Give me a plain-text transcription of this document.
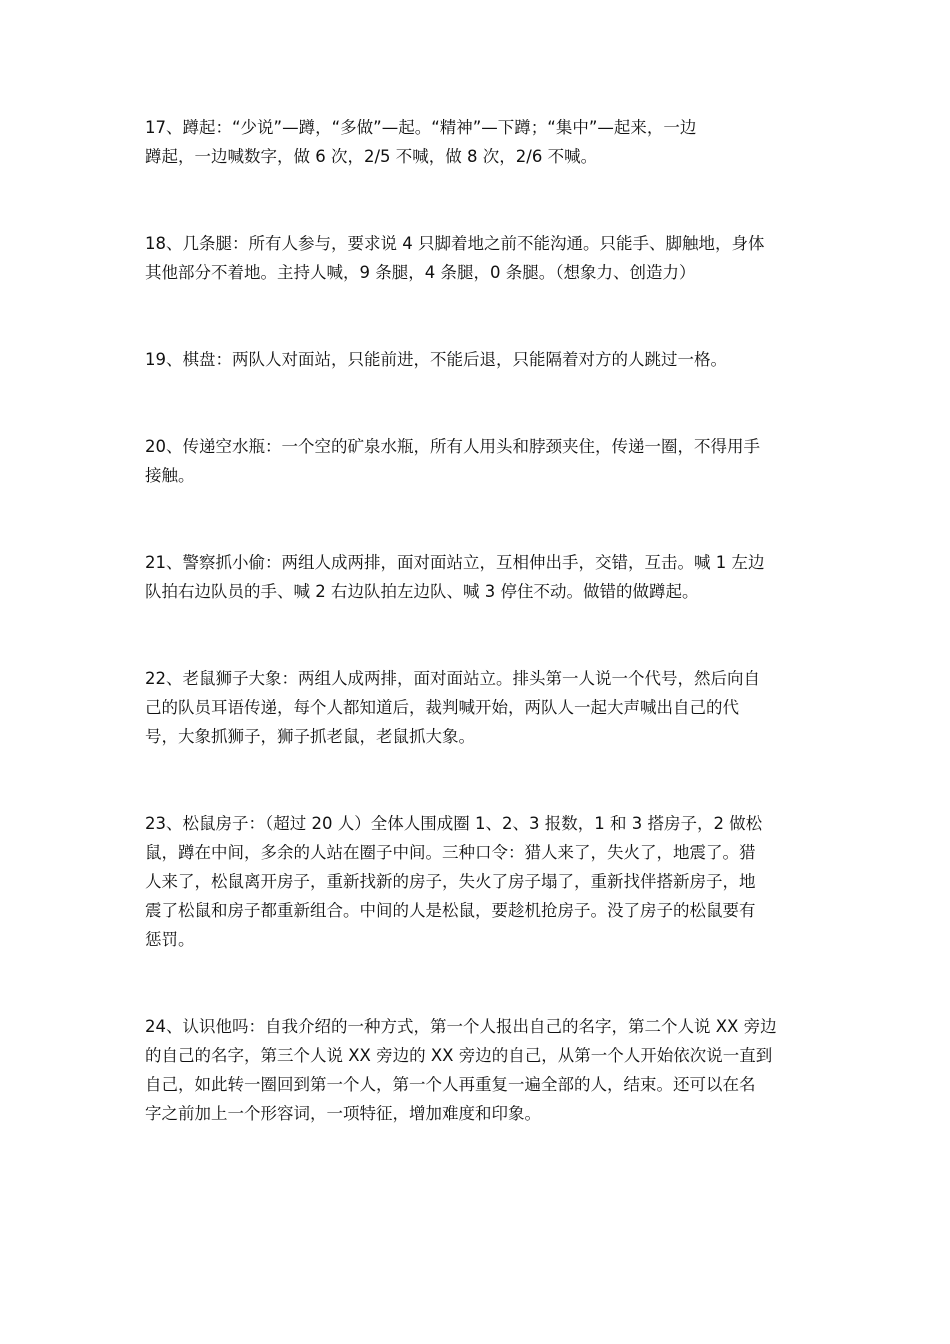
17、蹲起：“少说”—蹲，“多做”—起。“精神”—下蹲；“集中”—起来，一边
蹲起，一边喊数字，做 6 次，2/5 不喊，做 8 次，2/6 不喊。
18、几条腿：所有人参与，要求说 4 只脚着地之前不能沟通。只能手、脚触地，身体
其他部分不着地。主持人喊，9 条腿，4 条腿，0 条腿。（想象力、创造力）
19、棋盘：两队人对面站，只能前进，不能后退，只能隔着对方的人跳过一格。
20、传递空水瓶：一个空的矿泉水瓶，所有人用头和脖颈夹住，传递一圈，不得用手
接触。
21、警察抓小偷：两组人成两排，面对面站立，互相伸出手，交错，互击。喊 1 左边
队拍右边队员的手、喊 2 右边队拍左边队、喊 3 停住不动。做错的做蹲起。
22、老鼠狮子大象：两组人成两排，面对面站立。排头第一人说一个代号，然后向自
己的队员耳语传递，每个人都知道后，裁判喊开始，两队人一起大声喊出自己的代
号，大象抓狮子，狮子抓老鼠，老鼠抓大象。
23、松鼠房子：（超过 20 人）全体人围成圈 1、2、3 报数，1 和 3 搭房子，2 做松
鼠，蹲在中间，多余的人站在圈子中间。三种口令：猎人来了，失火了，地震了。猎
人来了，松鼠离开房子，重新找新的房子，失火了房子塌了，重新找伴搭新房子，地
震了松鼠和房子都重新组合。中间的人是松鼠，要趁机抢房子。没了房子的松鼠要有
惩罚。
24、认识他吗：自我介绍的一种方式，第一个人报出自己的名字，第二个人说 XX 旁边
的自己的名字，第三个人说 XX 旁边的 XX 旁边的自己，从第一个人开始依次说一直到
自己，如此转一圈回到第一个人，第一个人再重复一遍全部的人，结束。还可以在名
字之前加上一个形容词，一项特征，增加难度和印象。
